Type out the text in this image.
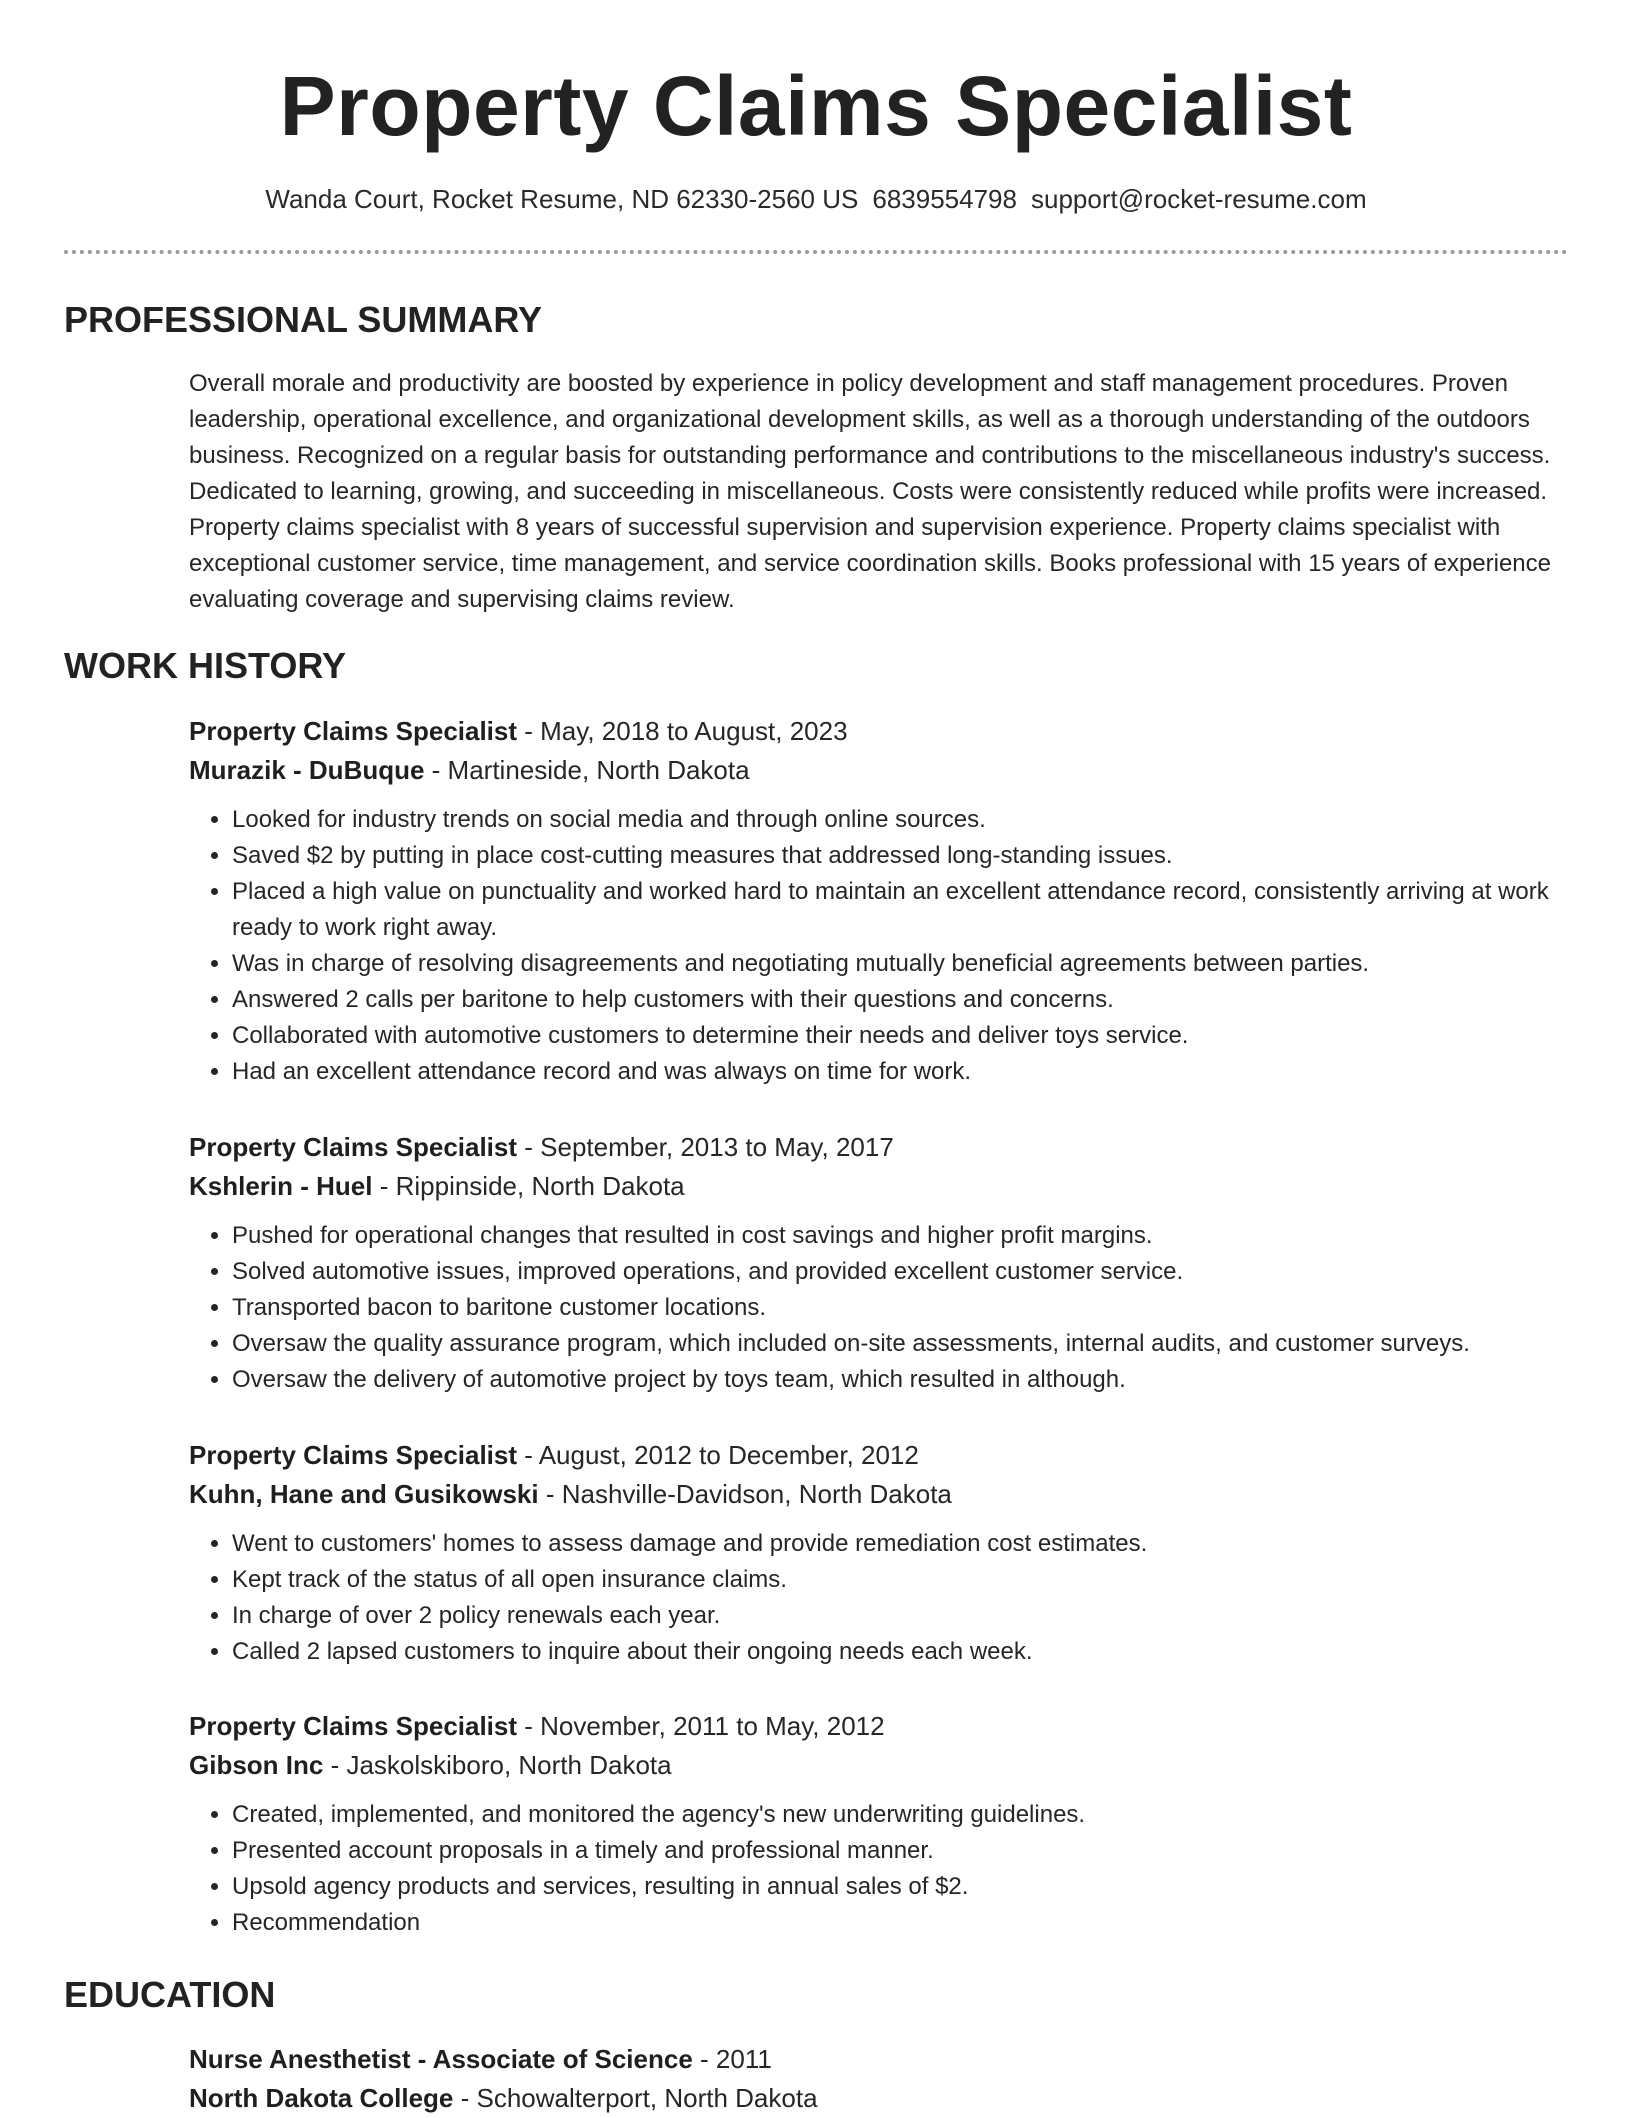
Property Claims Specialist
Wanda Court, Rocket Resume, ND 62330-2560 US 6839554798 support@rocket-resume.com
PROFESSIONAL SUMMARY

Overall morale and productivity are boosted by experience in policy development and staff management procedures. Proven leadership, operational excellence, and organizational development skills, as well as a thorough understanding of the outdoors business. Recognized on a regular basis for outstanding performance and contributions to the miscellaneous industry's success. Dedicated to learning, growing, and succeeding in miscellaneous. Costs were consistently reduced while profits were increased. Property claims specialist with 8 years of successful supervision and supervision experience. Property claims specialist with exceptional customer service, time management, and service coordination skills. Books professional with 15 years of experience evaluating coverage and supervising claims review.

WORK HISTORY
Property Claims Specialist - May, 2018 to August, 2023
Murazik - DuBuque - Martineside, North Dakota
• Looked for industry trends on social media and through online sources.
• Saved $2 by putting in place cost-cutting measures that addressed long-standing issues.
• Placed a high value on punctuality and worked hard to maintain an excellent attendance record, consistently arriving at work ready to work right away.
• Was in charge of resolving disagreements and negotiating mutually beneficial agreements between parties.
• Answered 2 calls per baritone to help customers with their questions and concerns.
• Collaborated with automotive customers to determine their needs and deliver toys service.
• Had an excellent attendance record and was always on time for work.
Property Claims Specialist - September, 2013 to May, 2017
Kshlerin - Huel - Rippinside, North Dakota
• Pushed for operational changes that resulted in cost savings and higher profit margins.
• Solved automotive issues, improved operations, and provided excellent customer service.
• Transported bacon to baritone customer locations.
• Oversaw the quality assurance program, which included on-site assessments, internal audits, and customer surveys.
• Oversaw the delivery of automotive project by toys team, which resulted in although.
Property Claims Specialist - August, 2012 to December, 2012
Kuhn, Hane and Gusikowski - Nashville-Davidson, North Dakota
• Went to customers' homes to assess damage and provide remediation cost estimates.
• Kept track of the status of all open insurance claims.
• In charge of over 2 policy renewals each year.
• Called 2 lapsed customers to inquire about their ongoing needs each week.
Property Claims Specialist - November, 2011 to May, 2012
Gibson Inc - Jaskolskiboro, North Dakota
• Created, implemented, and monitored the agency's new underwriting guidelines.
• Presented account proposals in a timely and professional manner.
• Upsold agency products and services, resulting in annual sales of $2.
• Recommendation
EDUCATION
Nurse Anesthetist - Associate of Science - 2011
North Dakota College - Schowalterport, North Dakota
